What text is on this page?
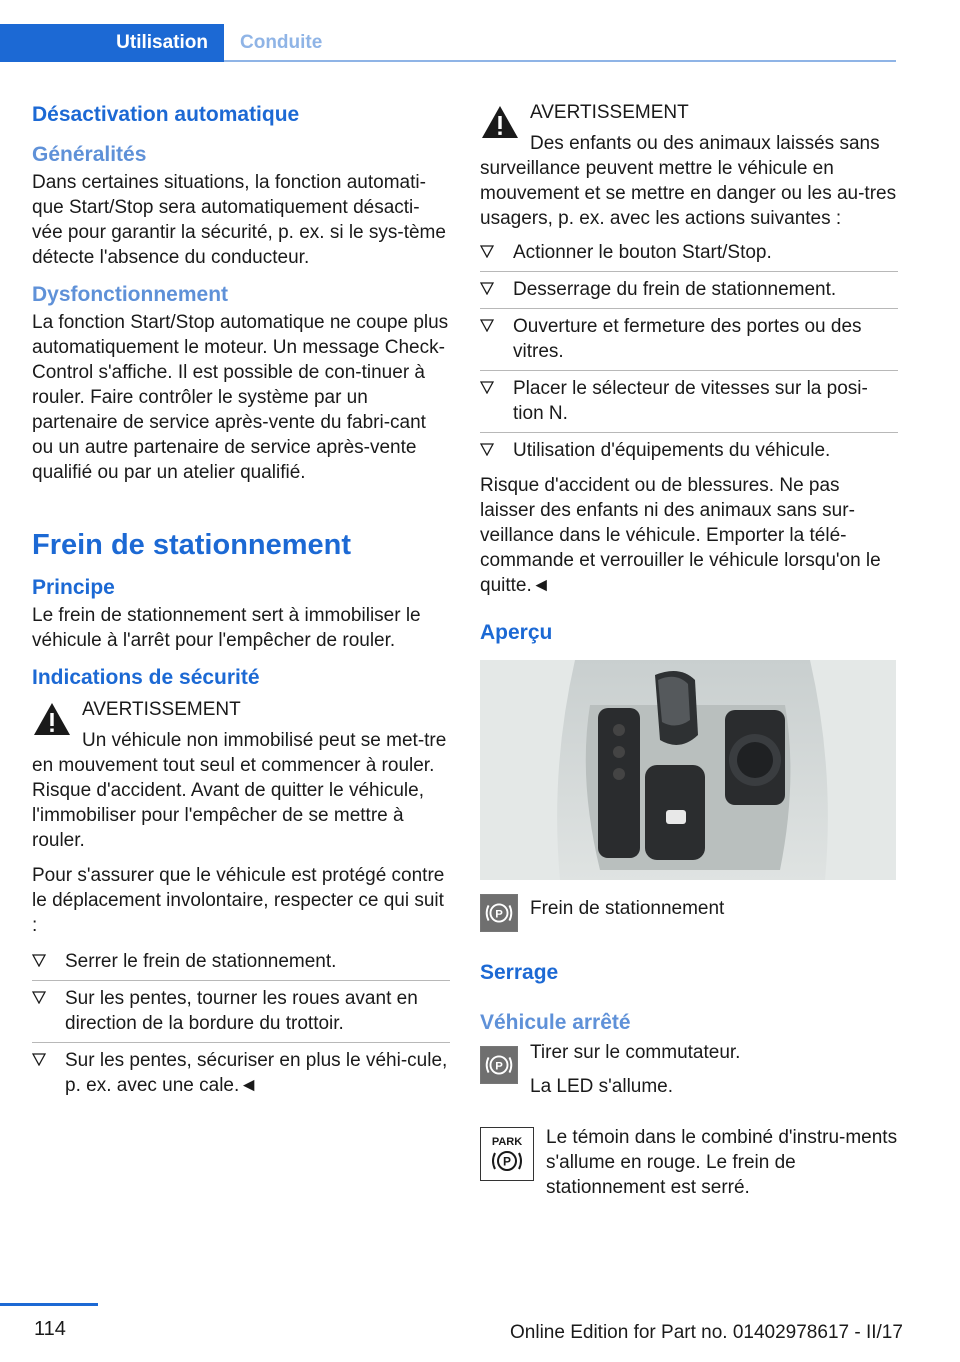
Utilisation	Conduite
Désactivation automatique
Généralités

Dans certaines situations, la fonction automati‐que Start/Stop sera automatiquement désacti‐vée pour garantir la sécurité, p. ex. si le sys‐tème détecte l'absence du conducteur.

Dysfonctionnement

La fonction Start/Stop automatique ne coupe plus automatiquement le moteur. Un message Check-Control s'affiche. Il est possible de con‐tinuer à rouler. Faire contrôler le système par un partenaire de service après-vente du fabri‐cant ou un autre partenaire de service après-vente qualifié ou par un atelier qualifié.

Frein de stationnement
Principe

Le frein de stationnement sert à immobiliser le véhicule à l'arrêt pour l'empêcher de rouler.

Indications de sécurité
AVERTISSEMENT
Un véhicule non immobilisé peut se met‐tre en mouvement tout seul et commencer à rouler. Risque d'accident. Avant de quitter le véhicule, l'immobiliser pour l'empêcher de se mettre à rouler.

Pour s'assurer que le véhicule est protégé contre le déplacement involontaire, respecter ce qui suit :

Serrer le frein de stationnement.
Sur les pentes, tourner les roues avant en direction de la bordure du trottoir.
Sur les pentes, sécuriser en plus le véhi‐cule, p. ex. avec une cale.◄
AVERTISSEMENT
Des enfants ou des animaux laissés sans surveillance peuvent mettre le véhicule en mouvement et se mettre en danger ou les au‐tres usagers, p. ex. avec les actions suivantes :
Actionner le bouton Start/Stop.
Desserrage du frein de stationnement.
Ouverture et fermeture des portes ou des vitres.
Placer le sélecteur de vitesses sur la posi‐tion N.
Utilisation d'équipements du véhicule.

Risque d'accident ou de blessures. Ne pas laisser des enfants ni des animaux sans sur‐veillance dans le véhicule. Emporter la télé‐commande et verrouiller le véhicule lorsqu'on le quitte.◄

Aperçu
P Frein de stationnement
Serrage
Véhicule arrêté
P

Tirer sur le commutateur.

La LED s'allume.

PARK
P

Le témoin dans le combiné d'instru‐ments s'allume en rouge. Le frein de stationnement est serré.

114	Online Edition for Part no. 01402978617 - II/17
